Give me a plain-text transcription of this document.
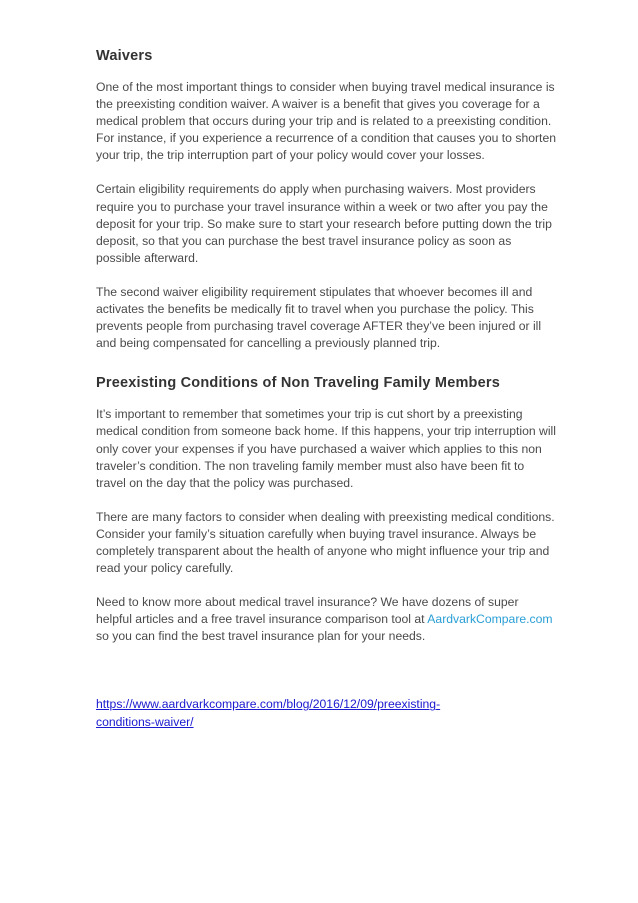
Waivers

One of the most important things to consider when buying travel medical insurance is the preexisting condition waiver. A waiver is a benefit that gives you coverage for a medical problem that occurs during your trip and is related to a preexisting condition. For instance, if you experience a recurrence of a condition that causes you to shorten your trip, the trip interruption part of your policy would cover your losses.

Certain eligibility requirements do apply when purchasing waivers. Most providers require you to purchase your travel insurance within a week or two after you pay the deposit for your trip. So make sure to start your research before putting down the trip deposit, so that you can purchase the best travel insurance policy as soon as possible afterward.

The second waiver eligibility requirement stipulates that whoever becomes ill and activates the benefits be medically fit to travel when you purchase the policy. This prevents people from purchasing travel coverage AFTER they’ve been injured or ill and being compensated for cancelling a previously planned trip.

Preexisting Conditions of Non Traveling Family Members

It’s important to remember that sometimes your trip is cut short by a preexisting medical condition from someone back home. If this happens, your trip interruption will only cover your expenses if you have purchased a waiver which applies to this non traveler’s condition. The non traveling family member must also have been fit to travel on the day that the policy was purchased.

There are many factors to consider when dealing with preexisting medical conditions. Consider your family’s situation carefully when buying travel insurance. Always be completely transparent about the health of anyone who might influence your trip and read your policy carefully.

Need to know more about medical travel insurance? We have dozens of super helpful articles and a free travel insurance comparison tool at AardvarkCompare.com so you can find the best travel insurance plan for your needs.

https://www.aardvarkcompare.com/blog/2016/12/09/preexisting-
conditions-waiver/
